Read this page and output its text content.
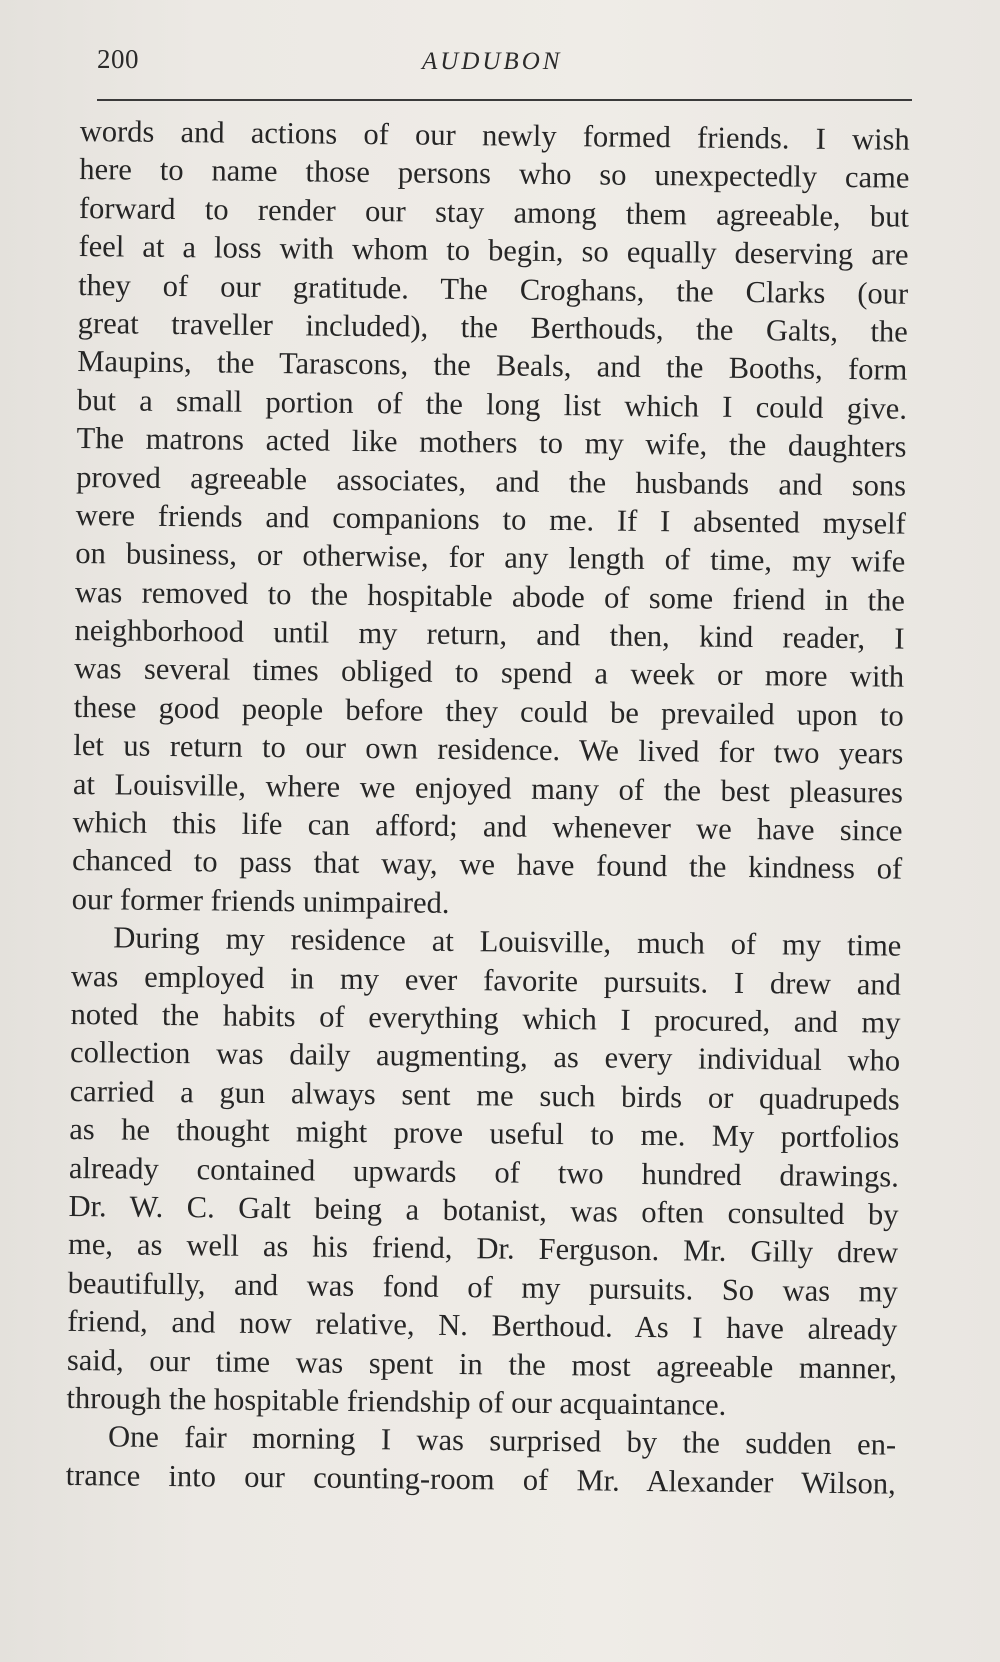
200	AUDUBON
words and actions of our newly formed friends. I wish
here to name those persons who so unexpectedly came
forward to render our stay among them agreeable, but
feel at a loss with whom to begin, so equally deserving are
they of our gratitude. The Croghans, the Clarks (our
great traveller included), the Berthouds, the Galts, the
Maupins, the Tarascons, the Beals, and the Booths, form
but a small portion of the long list which I could give.
The matrons acted like mothers to my wife, the daughters
proved agreeable associates, and the husbands and sons
were friends and companions to me. If I absented myself
on business, or otherwise, for any length of time, my wife
was removed to the hospitable abode of some friend in the
neighborhood until my return, and then, kind reader, I
was several times obliged to spend a week or more with
these good people before they could be prevailed upon to
let us return to our own residence. We lived for two years
at Louisville, where we enjoyed many of the best pleasures
which this life can afford; and whenever we have since
chanced to pass that way, we have found the kindness of
our former friends unimpaired.
During my residence at Louisville, much of my time
was employed in my ever favorite pursuits. I drew and
noted the habits of everything which I procured, and my
collection was daily augmenting, as every individual who
carried a gun always sent me such birds or quadrupeds
as he thought might prove useful to me. My portfolios
already contained upwards of two hundred drawings.
Dr. W. C. Galt being a botanist, was often consulted by
me, as well as his friend, Dr. Ferguson. Mr. Gilly drew
beautifully, and was fond of my pursuits. So was my
friend, and now relative, N. Berthoud. As I have already
said, our time was spent in the most agreeable manner,
through the hospitable friendship of our acquaintance.
One fair morning I was surprised by the sudden en-
trance into our counting-room of Mr. Alexander Wilson,
